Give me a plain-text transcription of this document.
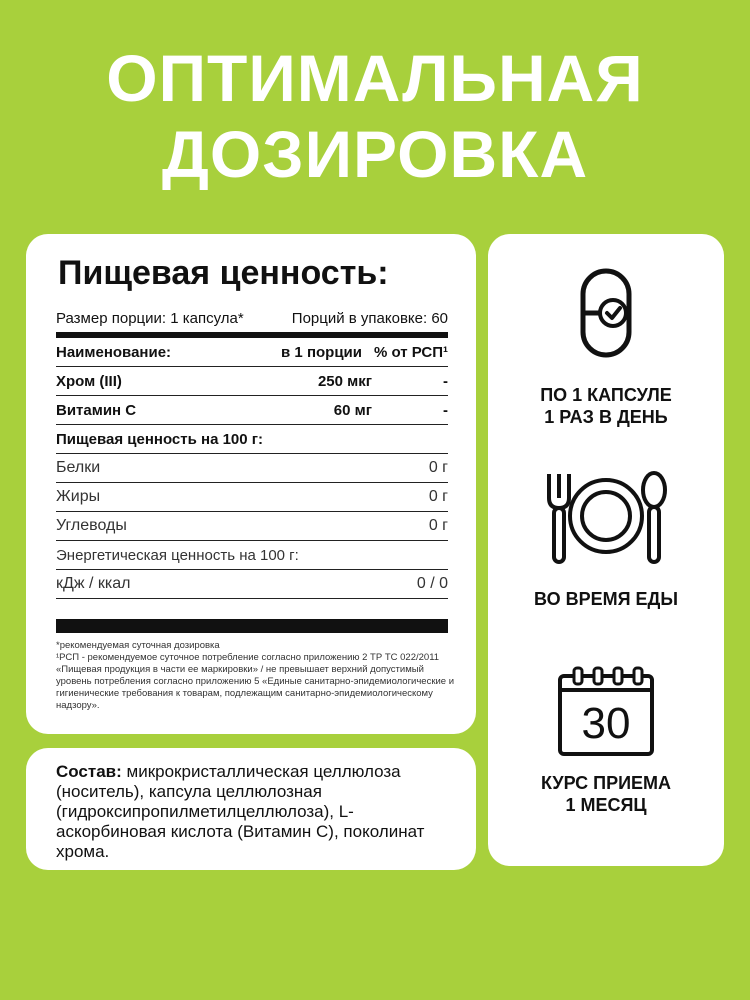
ОПТИМАЛЬНАЯ
ДОЗИРОВКА
Пищевая ценность:
Размер порции: 1 капсула*	Порций в упаковке: 60
Наименование:	в 1 порции % от РСП¹
Хром (III)	250 мкг	-
Витамин С	60 мг	-
Пищевая ценность на 100 г:
Белки	0 г
Жиры	0 г
Углеводы	0 г
Энергетическая ценность на 100 г:
кДж / ккал	0 / 0

*рекомендуемая суточная дозировка

¹РСП - рекомендуемое суточное потребление согласно приложению 2 ТР ТС 022/2011 «Пищевая продукция в части ее маркировки» / не превышает верхний допустимый уровень потребления согласно приложению 5 «Единые санитарно-эпидемиологические и гигиенические требования к товарам, подлежащим санитарно-эпидемиологическому надзору».

Состав: микрокристаллическая целлюлоза (носитель), капсула целлюлозная (гидроксипропилметилцеллюлоза), L-аскорбиновая кислота (Витамин С), поколинат хрома.
ПО 1 КАПСУЛЕ
1 РАЗ В ДЕНЬ
ВО ВРЕМЯ ЕДЫ
30
КУРС ПРИЕМА
1 МЕСЯЦ
